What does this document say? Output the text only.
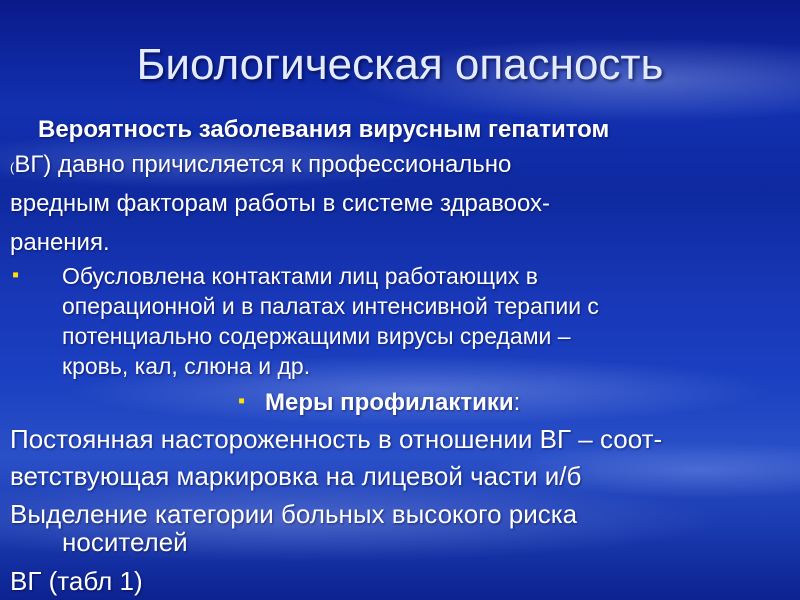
Биологическая опасность
Вероятность заболевания вирусным гепатитом
(ВГ) давно причисляется к профессионально
вредным факторам работы в системе здравоох-
ранения.
▪ Обусловлена контактами лиц работающих в
операционной и в палатах интенсивной терапии с
потенциально содержащими вирусы средами –
кровь, кал, слюна и др.
▪ Меры профилактики:
Постоянная настороженность в отношении ВГ – соот-
ветствующая маркировка на лицевой части и/б
Выделение категории больных высокого риска
носителей
ВГ (табл 1)
